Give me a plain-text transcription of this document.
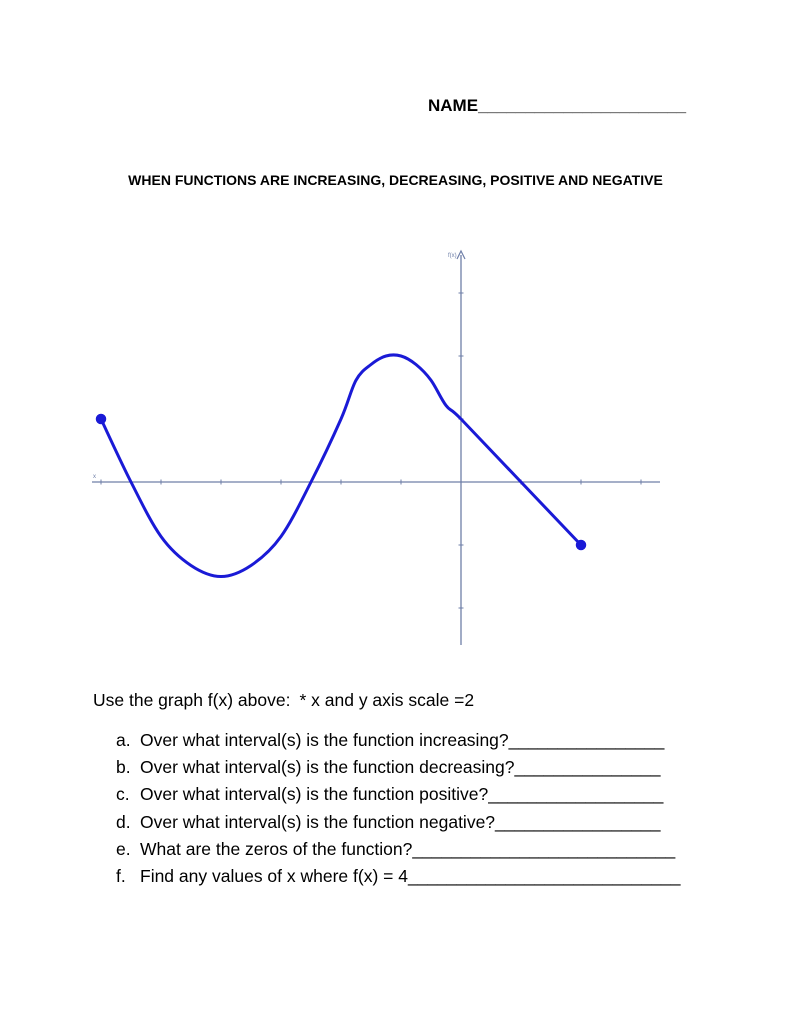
NAME______________________
WHEN FUNCTIONS ARE INCREASING, DECREASING, POSITIVE AND NEGATIVE
f(x)
x
Use the graph f(x) above: * x and y axis scale =2
a. Over what interval(s) is the function increasing?________________
b. Over what interval(s) is the function decreasing?_______________
c. Over what interval(s) is the function positive?__________________
d. Over what interval(s) is the function negative?_________________
e. What are the zeros of the function?___________________________
f. Find any values of x where f(x) = 4____________________________
